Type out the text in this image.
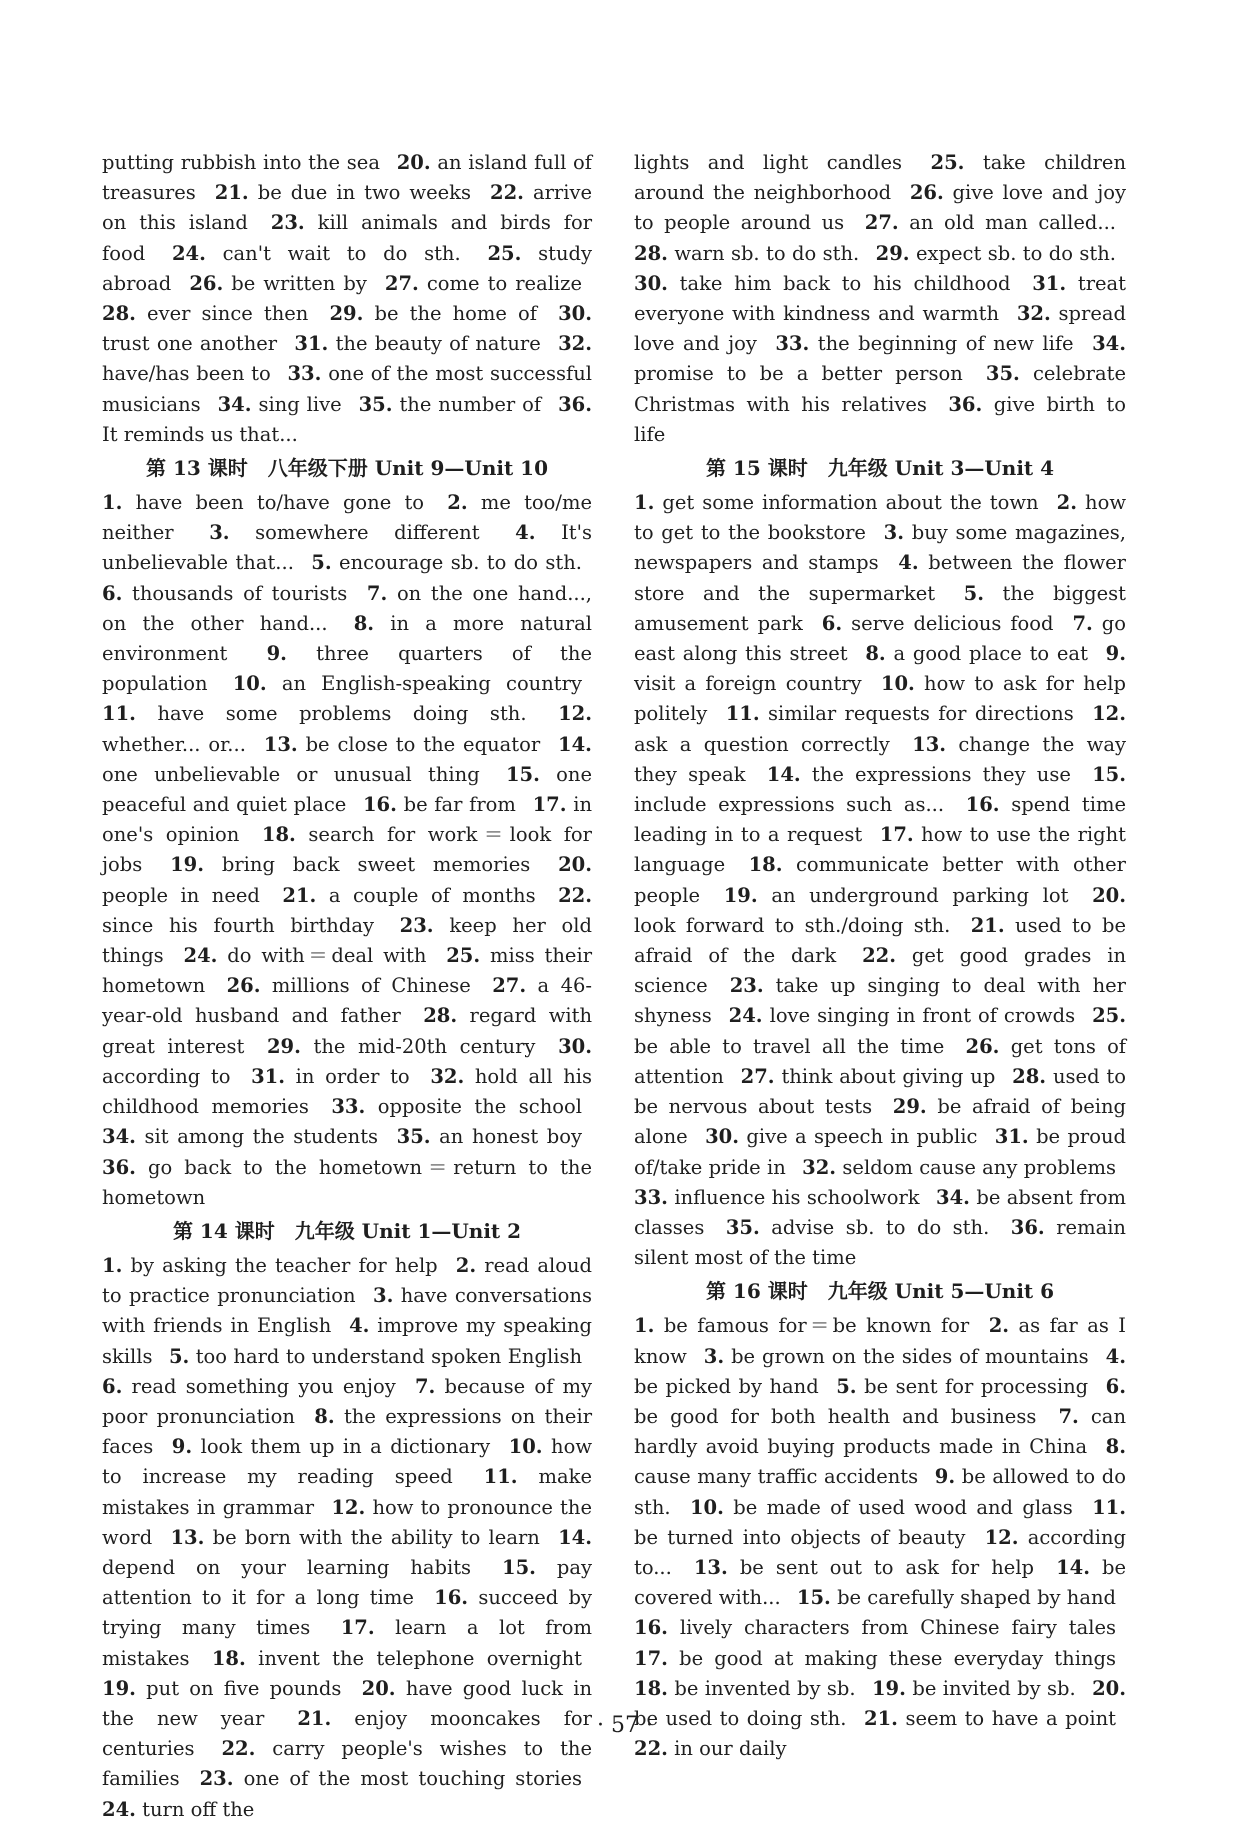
putting rubbish into the sea 20. an island full of treasures 21. be due in two weeks 22. arrive on this island 23. kill animals and birds for food 24. can't wait to do sth. 25. study abroad 26. be written by 27. come to realize 28. ever since then 29. be the home of 30. trust one another 31. the beauty of nature 32. have/has been to 33. one of the most successful musicians 34. sing live 35. the number of 36. It reminds us that...

第 13 课时　八年级下册 Unit 9—Unit 10

1. have been to/have gone to 2. me too/me neither 3. somewhere different 4. It's unbelievable that... 5. encourage sb. to do sth. 6. thousands of tourists 7. on the one hand..., on the other hand... 8. in a more natural environment 9. three quarters of the population 10. an English-speaking country 11. have some problems doing sth. 12. whether... or... 13. be close to the equator 14. one unbelievable or unusual thing 15. one peaceful and quiet place 16. be far from 17. in one's opinion 18. search for work＝look for jobs 19. bring back sweet memories 20. people in need 21. a couple of months 22. since his fourth birthday 23. keep her old things 24. do with＝deal with 25. miss their hometown 26. millions of Chinese 27. a 46-year-old husband and father 28. regard with great interest 29. the mid-20th century 30. according to 31. in order to 32. hold all his childhood memories 33. opposite the school 34. sit among the students 35. an honest boy 36. go back to the hometown＝return to the hometown

第 14 课时　九年级 Unit 1—Unit 2

1. by asking the teacher for help 2. read aloud to practice pronunciation 3. have conversations with friends in English 4. improve my speaking skills 5. too hard to understand spoken English 6. read something you enjoy 7. because of my poor pronunciation 8. the expressions on their faces 9. look them up in a dictionary 10. how to increase my reading speed 11. make mistakes in grammar 12. how to pronounce the word 13. be born with the ability to learn 14. depend on your learning habits 15. pay attention to it for a long time 16. succeed by trying many times 17. learn a lot from mistakes 18. invent the telephone overnight 19. put on five pounds 20. have good luck in the new year 21. enjoy mooncakes for centuries 22. carry people's wishes to the families 23. one of the most touching stories 24. turn off the

lights and light candles 25. take children around the neighborhood 26. give love and joy to people around us 27. an old man called... 28. warn sb. to do sth. 29. expect sb. to do sth. 30. take him back to his childhood 31. treat everyone with kindness and warmth 32. spread love and joy 33. the beginning of new life 34. promise to be a better person 35. celebrate Christmas with his relatives 36. give birth to life

第 15 课时　九年级 Unit 3—Unit 4

1. get some information about the town 2. how to get to the bookstore 3. buy some magazines, newspapers and stamps 4. between the flower store and the supermarket 5. the biggest amusement park 6. serve delicious food 7. go east along this street 8. a good place to eat 9. visit a foreign country 10. how to ask for help politely 11. similar requests for directions 12. ask a question correctly 13. change the way they speak 14. the expressions they use 15. include expressions such as... 16. spend time leading in to a request 17. how to use the right language 18. communicate better with other people 19. an underground parking lot 20. look forward to sth./doing sth. 21. used to be afraid of the dark 22. get good grades in science 23. take up singing to deal with her shyness 24. love singing in front of crowds 25. be able to travel all the time 26. get tons of attention 27. think about giving up 28. used to be nervous about tests 29. be afraid of being alone 30. give a speech in public 31. be proud of/take pride in 32. seldom cause any problems 33. influence his schoolwork 34. be absent from classes 35. advise sb. to do sth. 36. remain silent most of the time

第 16 课时　九年级 Unit 5—Unit 6

1. be famous for＝be known for 2. as far as I know 3. be grown on the sides of mountains 4. be picked by hand 5. be sent for processing 6. be good for both health and business 7. can hardly avoid buying products made in China 8. cause many traffic accidents 9. be allowed to do sth. 10. be made of used wood and glass 11. be turned into objects of beauty 12. according to... 13. be sent out to ask for help 14. be covered with... 15. be carefully shaped by hand 16. lively characters from Chinese fairy tales 17. be good at making these everyday things 18. be invented by sb. 19. be invited by sb. 20. be used to doing sth. 21. seem to have a point 22. in our daily

· 57 ·
